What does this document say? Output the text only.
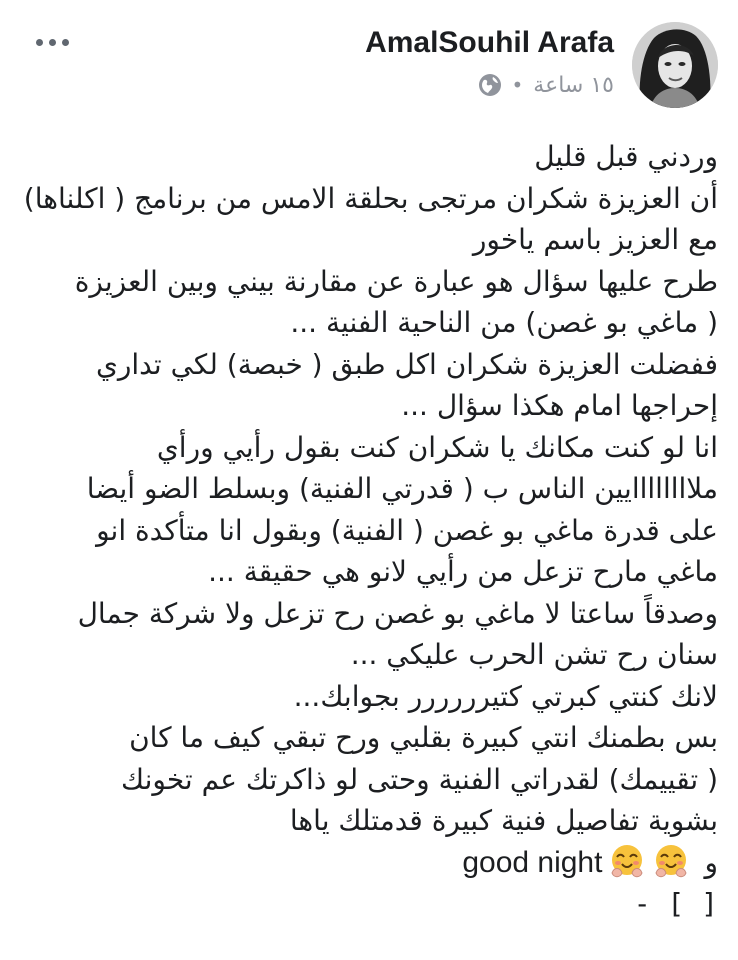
AmalSouhil Arafa
• ١٥ ساعة
وردني قبل قليل
أن العزيزة شكران مرتجى بحلقة الامس من برنامج ( اكلناها)
مع العزيز باسم ياخور
طرح عليها سؤال هو عبارة عن مقارنة بيني وبين العزيزة
( ماغي بو غصن) من الناحية الفنية ...
ففضلت العزيزة شكران اكل طبق ( خبصة) لكي تداري
إحراجها امام هكذا سؤال ...
انا لو كنت مكانك يا شكران كنت بقول رأيي ورأي
ملاااااااايين الناس ب ( قدرتي الفنية) وبسلط الضو أيضا
على قدرة ماغي بو غصن ( الفنية) وبقول انا متأكدة انو
ماغي مارح تزعل من رأيي لانو هي حقيقة ...
وصدقاً ساعتا لا ماغي بو غصن رح تزعل ولا شركة جمال
سنان رح تشن الحرب عليكي ...
لانك كنتي كبرتي كتيرررررر بجوابك...
بس بطمنك انتي كبيرة بقلبي ورح تبقي كيف ما كان
( تقييمك) لقدراتي الفنية وحتى لو ذاكرتك عم تخونك
بشوية تفاصيل فنية كبيرة قدمتلك ياها
good night	و
- [ ]
